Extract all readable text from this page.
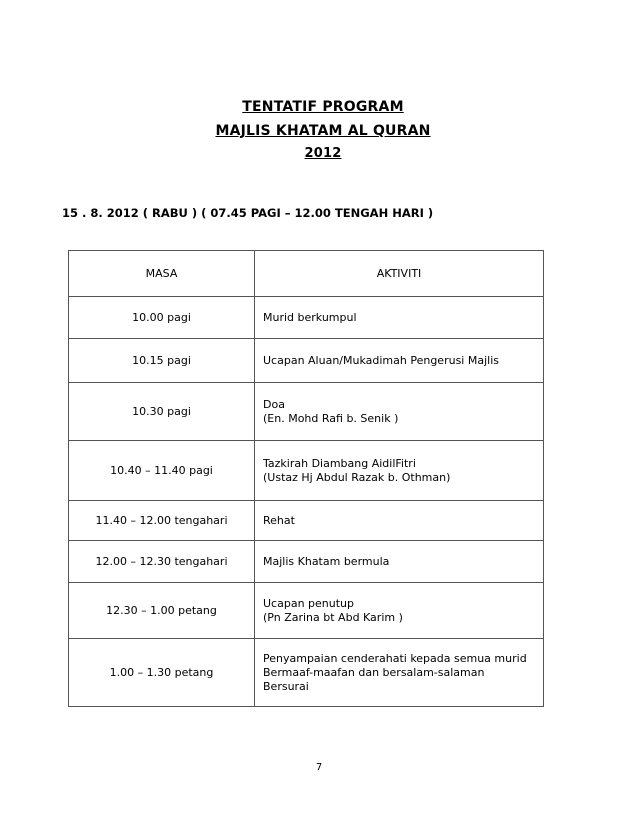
TENTATIF PROGRAM
MAJLIS KHATAM AL QURAN
2012
15 . 8. 2012 ( RABU ) ( 07.45 PAGI – 12.00 TENGAH HARI )
MASA	AKTIVITI
10.00 pagi	Murid berkumpul

10.15 pagi	Ucapan Aluan/Mukadimah Pengerusi Majlis

10.30 pagi	Doa
(En. Mohd Rafi b. Senik )

10.40 – 11.40 pagi	Tazkirah Diambang AidilFitri
(Ustaz Hj Abdul Razak b. Othman)

11.40 – 12.00 tengahari	Rehat

12.00 – 12.30 tengahari	Majlis Khatam bermula

12.30 – 1.00 petang	Ucapan penutup
(Pn Zarina bt Abd Karim )

1.00 – 1.30 petang	Penyampaian cenderahati kepada semua murid
Bermaaf-maafan dan bersalam-salaman
Bersurai
7
